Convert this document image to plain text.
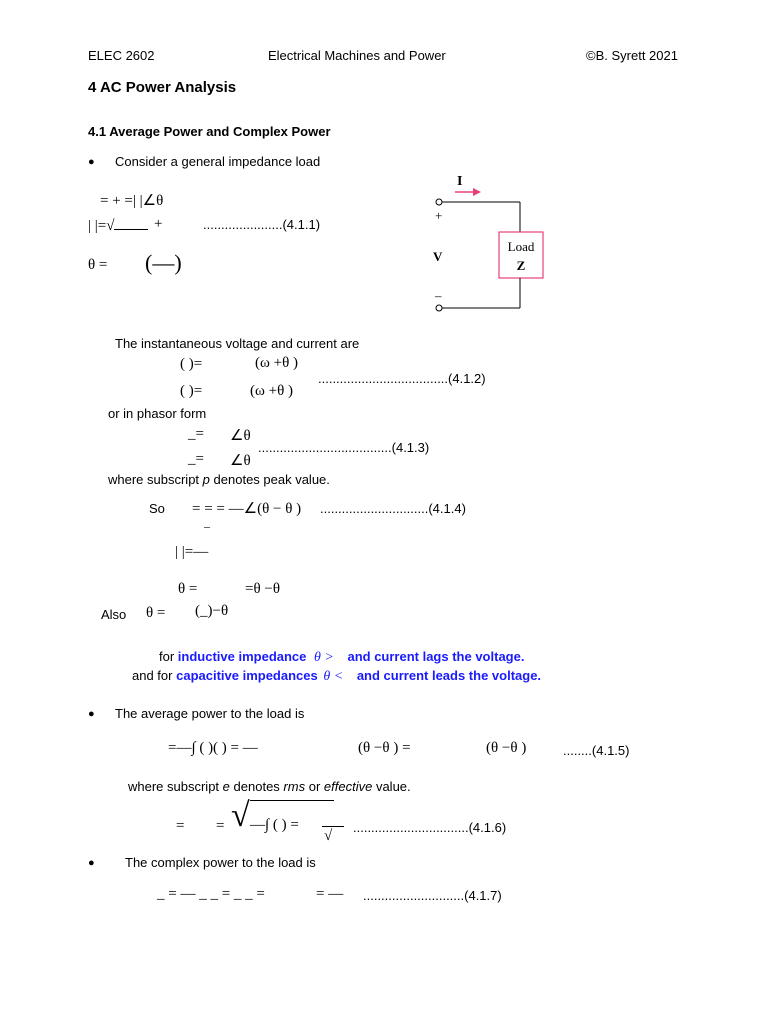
ELEC 2602	Electrical Machines and Power	©B. Syrett 2021
4 AC Power Analysis
4.1 Average Power and Complex Power
● Consider a general impedance load
= + =| |∠θ
| |=√	+	......................(4.1.1)
θ = (—)
I
Load
Z
+
V
–
The instantaneous voltage and current are
( )=	(ω +θ )
( )=	(ω +θ )
....................................(4.1.2)
or in phasor form
_= ∠θ
_= ∠θ
.....................................(4.1.3)
where subscript p denotes peak value.
So = = = —∠(θ − θ )
_
..............................(4.1.4)
| |=—
θ =	=θ −θ
Also θ = (_)−θ
for inductive impedance θ > and current lags the voltage.
and for capacitive impedances θ < and current leads the voltage.
● The average power to the load is
=—∫ ( )( ) = —	(θ −θ ) =	(θ −θ )	........(4.1.5)
where subscript e denotes rms or effective value.
= = √ —∫ ( ) =
√
................................(4.1.6)
● The complex power to the load is
_ = — _ _ = _ _ =	= — ............................(4.1.7)
